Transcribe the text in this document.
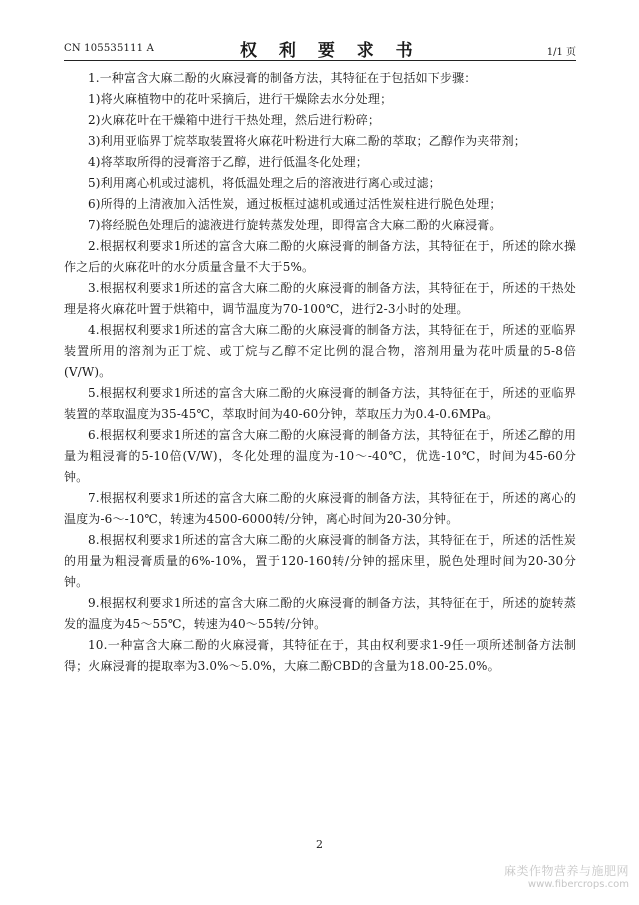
CN 105535111 A	权 利 要 求 书	1/1 页

1.一种富含大麻二酚的火麻浸膏的制备方法，其特征在于包括如下步骤：

1)将火麻植物中的花叶采摘后，进行干燥除去水分处理；

2)火麻花叶在干燥箱中进行干热处理，然后进行粉碎；

3)利用亚临界丁烷萃取装置将火麻花叶粉进行大麻二酚的萃取；乙醇作为夹带剂；

4)将萃取所得的浸膏溶于乙醇，进行低温冬化处理；

5)利用离心机或过滤机，将低温处理之后的溶液进行离心或过滤；

6)所得的上清液加入活性炭，通过板框过滤机或通过活性炭柱进行脱色处理；

7)将经脱色处理后的滤液进行旋转蒸发处理，即得富含大麻二酚的火麻浸膏。

2.根据权利要求1所述的富含大麻二酚的火麻浸膏的制备方法，其特征在于，所述的除水操作之后的火麻花叶的水分质量含量不大于5%。

3.根据权利要求1所述的富含大麻二酚的火麻浸膏的制备方法，其特征在于，所述的干热处理是将火麻花叶置于烘箱中，调节温度为70-100℃，进行2-3小时的处理。

4.根据权利要求1所述的富含大麻二酚的火麻浸膏的制备方法，其特征在于，所述的亚临界装置所用的溶剂为正丁烷、或丁烷与乙醇不定比例的混合物，溶剂用量为花叶质量的5-8倍(V/W)。

5.根据权利要求1所述的富含大麻二酚的火麻浸膏的制备方法，其特征在于，所述的亚临界装置的萃取温度为35-45℃，萃取时间为40-60分钟，萃取压力为0.4-0.6MPa。

6.根据权利要求1所述的富含大麻二酚的火麻浸膏的制备方法，其特征在于，所述乙醇的用量为粗浸膏的5-10倍(V/W)，冬化处理的温度为-10～-40℃，优选-10℃，时间为45-60分钟。

7.根据权利要求1所述的富含大麻二酚的火麻浸膏的制备方法，其特征在于，所述的离心的温度为-6～-10℃，转速为4500-6000转/分钟，离心时间为20-30分钟。

8.根据权利要求1所述的富含大麻二酚的火麻浸膏的制备方法，其特征在于，所述的活性炭的用量为粗浸膏质量的6%-10%，置于120-160转/分钟的摇床里，脱色处理时间为20-30分钟。

9.根据权利要求1所述的富含大麻二酚的火麻浸膏的制备方法，其特征在于，所述的旋转蒸发的温度为45～55℃，转速为40～55转/分钟。

10.一种富含大麻二酚的火麻浸膏，其特征在于，其由权利要求1-9任一项所述制备方法制得；火麻浸膏的提取率为3.0%～5.0%，大麻二酚CBD的含量为18.00-25.0%。

2
麻类作物营养与施肥网
www.fibercrops.com
